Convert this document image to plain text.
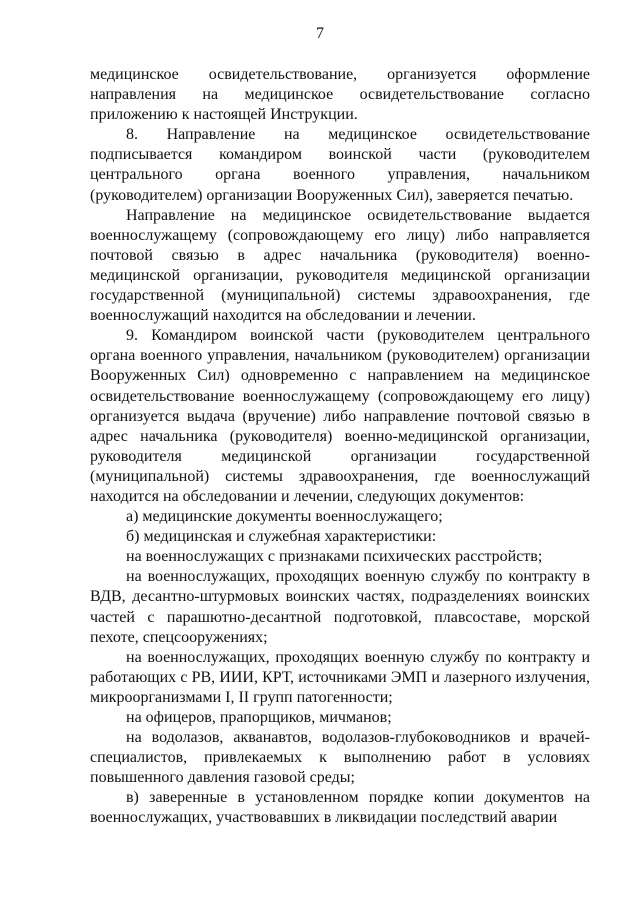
7

медицинское освидетельствование, организуется оформление направления на медицинское освидетельствование согласно приложению к настоящей Инструкции.

8. Направление на медицинское освидетельствование подписывается командиром воинской части (руководителем центрального органа военного управления, начальником (руководителем) организации Вооруженных Сил), заверяется печатью.

Направление на медицинское освидетельствование выдается военнослужащему (сопровождающему его лицу) либо направляется почтовой связью в адрес начальника (руководителя) военно-медицинской организации, руководителя медицинской организации государственной (муниципальной) системы здравоохранения, где военнослужащий находится на обследовании и лечении.

9. Командиром воинской части (руководителем центрального органа военного управления, начальником (руководителем) организации Вооруженных Сил) одновременно с направлением на медицинское освидетельствование военнослужащему (сопровождающему его лицу) организуется выдача (вручение) либо направление почтовой связью в адрес начальника (руководителя) военно-медицинской организации, руководителя медицинской организации государственной (муниципальной) системы здравоохранения, где военнослужащий находится на обследовании и лечении, следующих документов:

а) медицинские документы военнослужащего;

б) медицинская и служебная характеристики:

на военнослужащих с признаками психических расстройств;

на военнослужащих, проходящих военную службу по контракту в ВДВ, десантно-штурмовых воинских частях, подразделениях воинских частей с парашютно-десантной подготовкой, плавсоставе, морской пехоте, спецсооружениях;

на военнослужащих, проходящих военную службу по контракту и работающих с РВ, ИИИ, КРТ, источниками ЭМП и лазерного излучения, микроорганизмами I, II групп патогенности;

на офицеров, прапорщиков, мичманов;

на водолазов, акванавтов, водолазов-глубоководников и врачей-специалистов, привлекаемых к выполнению работ в условиях повышенного давления газовой среды;

в) заверенные в установленном порядке копии документов на военнослужащих, участвовавших в ликвидации последствий аварии
